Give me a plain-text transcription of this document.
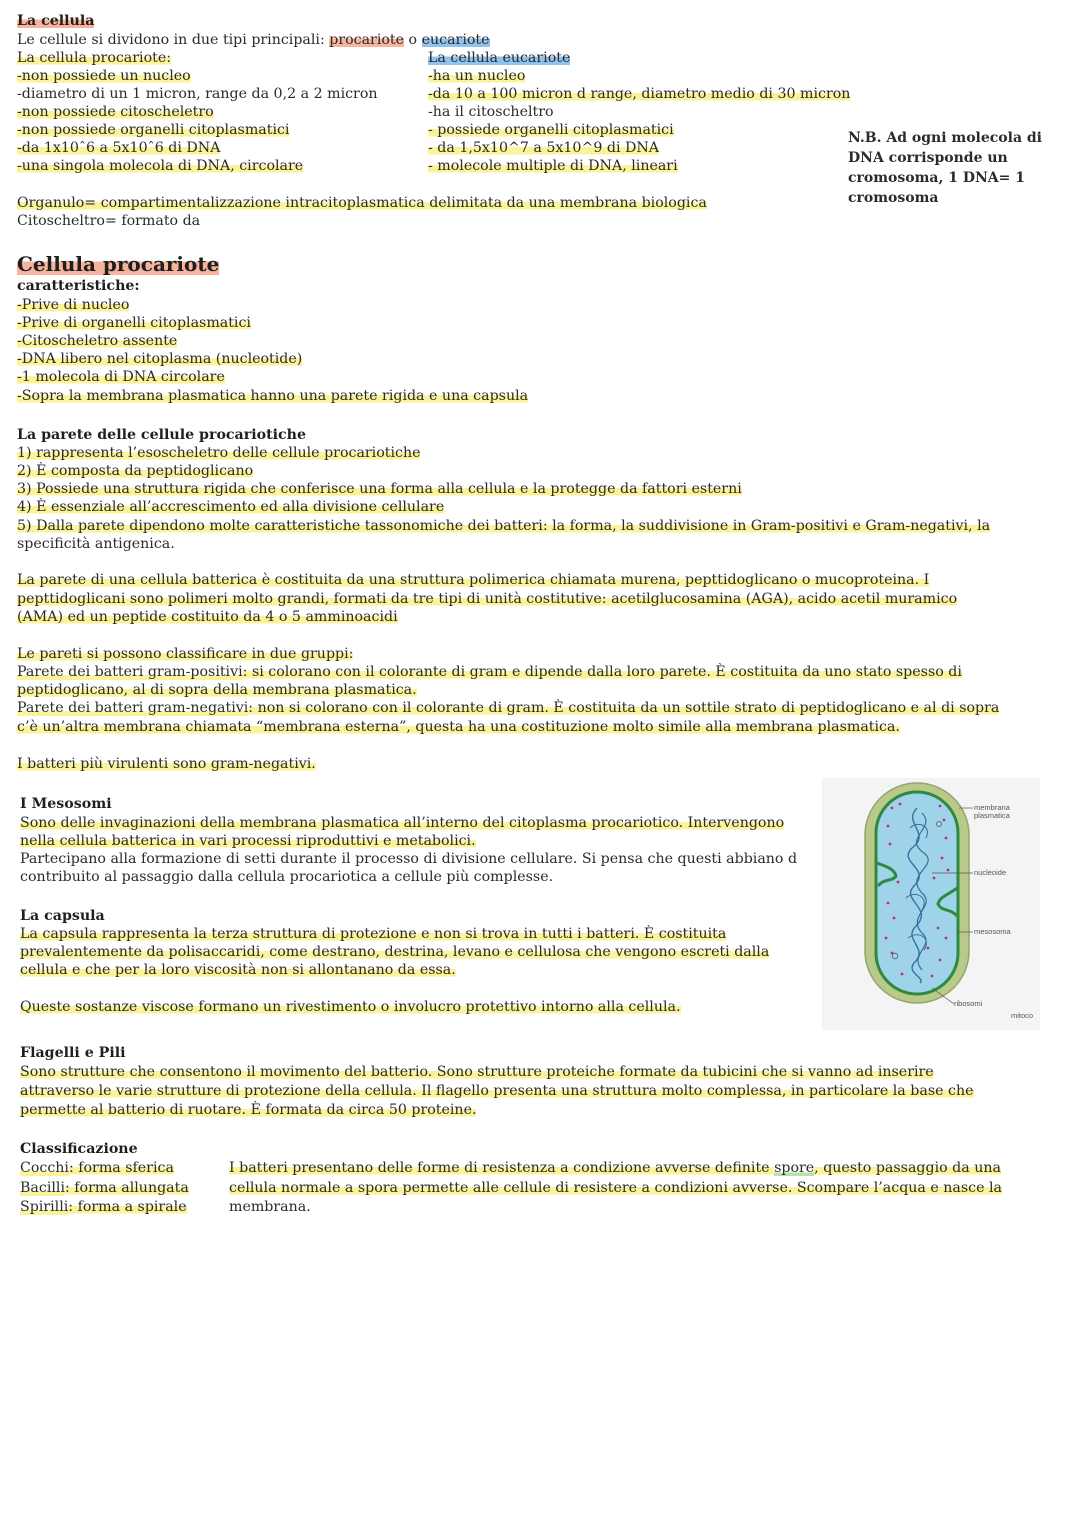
La cellula
Le cellule si dividono in due tipi principali: procariote o eucariote
La cellula procariote:
-non possiede un nucleo
-diametro di un 1 micron, range da 0,2 a 2 micron
-non possiede citoscheletro
-non possiede organelli citoplasmatici
-da 1x10ˆ6 a 5x10ˆ6 di DNA
-una singola molecola di DNA, circolare
La cellula eucariote
-ha un nucleo
-da 10 a 100 micron d range, diametro medio di 30 micron
-ha il citoscheltro
- possiede organelli citoplasmatici
- da 1,5x10^7 a 5x10^9 di DNA
- molecole multiple di DNA, lineari
N.B. Ad ogni molecola di DNA corrisponde un cromosoma, 1 DNA= 1 cromosoma
Organulo= compartimentalizzazione intracitoplasmatica delimitata da una membrana biologica
Citoscheltro= formato da
Cellula procariote
caratteristiche:
-Prive di nucleo
-Prive di organelli citoplasmatici
-Citoscheletro assente
-DNA libero nel citoplasma (nucleotide)
-1 molecola di DNA circolare
-Sopra la membrana plasmatica hanno una parete rigida e una capsula
La parete delle cellule procariotiche
1) rappresenta l’esoscheletro delle cellule procariotiche
2) È composta da peptidoglicano
3) Possiede una struttura rigida che conferisce una forma alla cellula e la protegge da fattori esterni
4) È essenziale all’accrescimento ed alla divisione cellulare
5) Dalla parete dipendono molte caratteristiche tassonomiche dei batteri: la forma, la suddivisione in Gram-positivi e Gram-negativi, la
specificità antigenica.
La parete di una cellula batterica è costituita da una struttura polimerica chiamata murena, pepttidoglicano o mucoproteina. I
pepttidoglicani sono polimeri molto grandi, formati da tre tipi di unità costitutive: acetilglucosamina (AGA), acido acetil muramico
(AMA) ed un peptide costituito da 4 o 5 amminoacidi
Le pareti si possono classificare in due gruppi:
Parete dei batteri gram-positivi: si colorano con il colorante di gram e dipende dalla loro parete. È costituita da uno stato spesso di
peptidoglicano, al di sopra della membrana plasmatica.
Parete dei batteri gram-negativi: non si colorano con il colorante di gram. È costituita da un sottile strato di peptidoglicano e al di sopra
c’è un’altra membrana chiamata “membrana esterna”, questa ha una costituzione molto simile alla membrana plasmatica.
I batteri più virulenti sono gram-negativi.
I Mesosomi
Sono delle invaginazioni della membrana plasmatica all’interno del citoplasma procariotico. Intervengono
nella cellula batterica in vari processi riproduttivi e metabolici.
Partecipano alla formazione di setti durante il processo di divisione cellulare. Si pensa che questi abbiano d
contribuito al passaggio dalla cellula procariotica a cellule più complesse.
La capsula
La capsula rappresenta la terza struttura di protezione e non si trova in tutti i batteri. È costituita
prevalentemente da polisaccaridi, come destrano, destrina, levano e cellulosa che vengono escreti dalla
cellula e che per la loro viscosità non si allontanano da essa.
Queste sostanze viscose formano un rivestimento o involucro protettivo intorno alla cellula.
membrana plasmatica
nucleoide
mesosoma
ribosomi
mitoco
Flagelli e Pili
Sono strutture che consentono il movimento del batterio. Sono strutture proteiche formate da tubicini che si vanno ad inserire
attraverso le varie strutture di protezione della cellula. Il flagello presenta una struttura molto complessa, in particolare la base che
permette al batterio di ruotare. È formata da circa 50 proteine.
Classificazione
Cocchi: forma sferica
Bacilli: forma allungata
Spirilli: forma a spirale
I batteri presentano delle forme di resistenza a condizione avverse definite spore, questo passaggio da una
cellula normale a spora permette alle cellule di resistere a condizioni avverse. Scompare l’acqua e nasce la
membrana.
